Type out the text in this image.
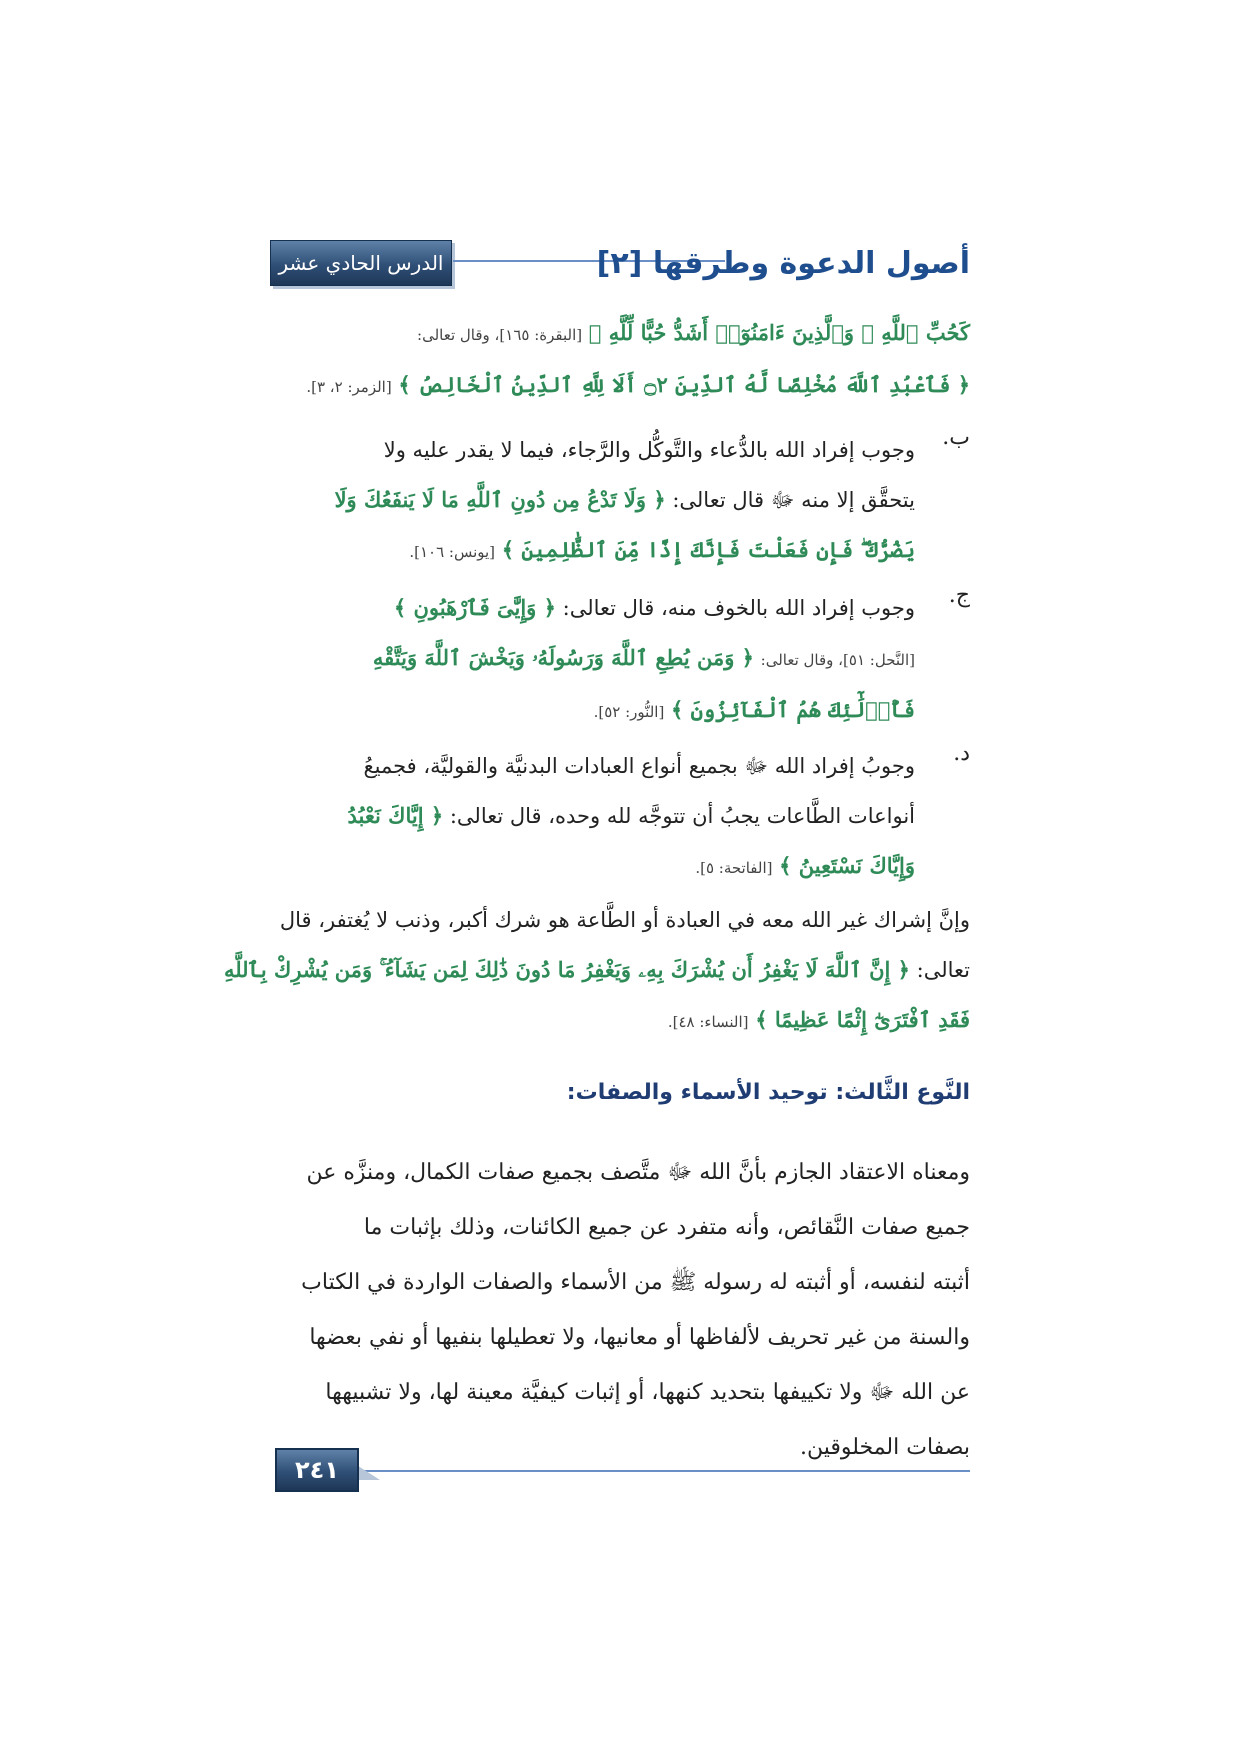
الدرس الحادي عشر	أصول الدعوة وطرقها [٢]
كَحُبِّ ٱللَّهِ ۖ وَٱلَّذِينَ ءَامَنُوٓا۟ أَشَدُّ حُبًّا لِّلَّهِ ﴾ [البقرة: ١٦٥]، وقال تعالى:
﴿ فَٱعْبُدِ ٱللَّهَ مُخْلِصًا لَّهُ ٱلدِّينَ ۝٢ أَلَا لِلَّهِ ٱلدِّينُ ٱلْخَالِصُ ﴾ [الزمر: ٢، ٣].
ب.
وجوب إفراد الله بالدُّعاء والتَّوكُّل والرَّجاء، فيما لا يقدر عليه ولا
يتحقَّق إلا منه ﷻ قال تعالى: ﴿ وَلَا تَدْعُ مِن دُونِ ٱللَّهِ مَا لَا يَنفَعُكَ وَلَا
يَضُرُّكَ ۖ فَإِن فَعَلْتَ فَإِنَّكَ إِذًا مِّنَ ٱلظَّٰلِمِينَ ﴾ [يونس: ١٠٦].
ج.
وجوب إفراد الله بالخوف منه، قال تعالى: ﴿ وَإِيَّٰىَ فَٱرْهَبُونِ ﴾
[النَّحل: ٥١]، وقال تعالى: ﴿ وَمَن يُطِعِ ٱللَّهَ وَرَسُولَهُۥ وَيَخْشَ ٱللَّهَ وَيَتَّقْهِ
فَأُو۟لَٰٓئِكَ هُمُ ٱلْفَآئِزُونَ ﴾ [النُّور: ٥٢].
د.
وجوبُ إفراد الله ﷻ بجميع أنواع العبادات البدنيَّة والقوليَّة، فجميعُ
أنواعات الطَّاعات يجبُ أن تتوجَّه لله وحده، قال تعالى: ﴿ إِيَّاكَ نَعْبُدُ
وَإِيَّاكَ نَسْتَعِينُ ﴾ [الفاتحة: ٥].
وإنَّ إشراك غير الله معه في العبادة أو الطَّاعة هو شرك أكبر، وذنب لا يُغتفر، قال
تعالى: ﴿ إِنَّ ٱللَّهَ لَا يَغْفِرُ أَن يُشْرَكَ بِهِۦ وَيَغْفِرُ مَا دُونَ ذَٰلِكَ لِمَن يَشَآءُ ۚ وَمَن يُشْرِكْ بِٱللَّهِ
فَقَدِ ٱفْتَرَىٰٓ إِثْمًا عَظِيمًا ﴾ [النساء: ٤٨].
النَّوع الثَّالث: توحيد الأسماء والصفات:
ومعناه الاعتقاد الجازم بأنَّ الله ﷻ متَّصف بجميع صفات الكمال، ومنزَّه عن
جميع صفات النَّقائص، وأنه متفرد عن جميع الكائنات، وذلك بإثبات ما
أثبته لنفسه، أو أثبته له رسوله ﷺ من الأسماء والصفات الواردة في الكتاب
والسنة من غير تحريف لألفاظها أو معانيها، ولا تعطيلها بنفيها أو نفي بعضها
عن الله ﷻ ولا تكييفها بتحديد كنهها، أو إثبات كيفيَّة معينة لها، ولا تشبيهها
بصفات المخلوقين.
٢٤١
